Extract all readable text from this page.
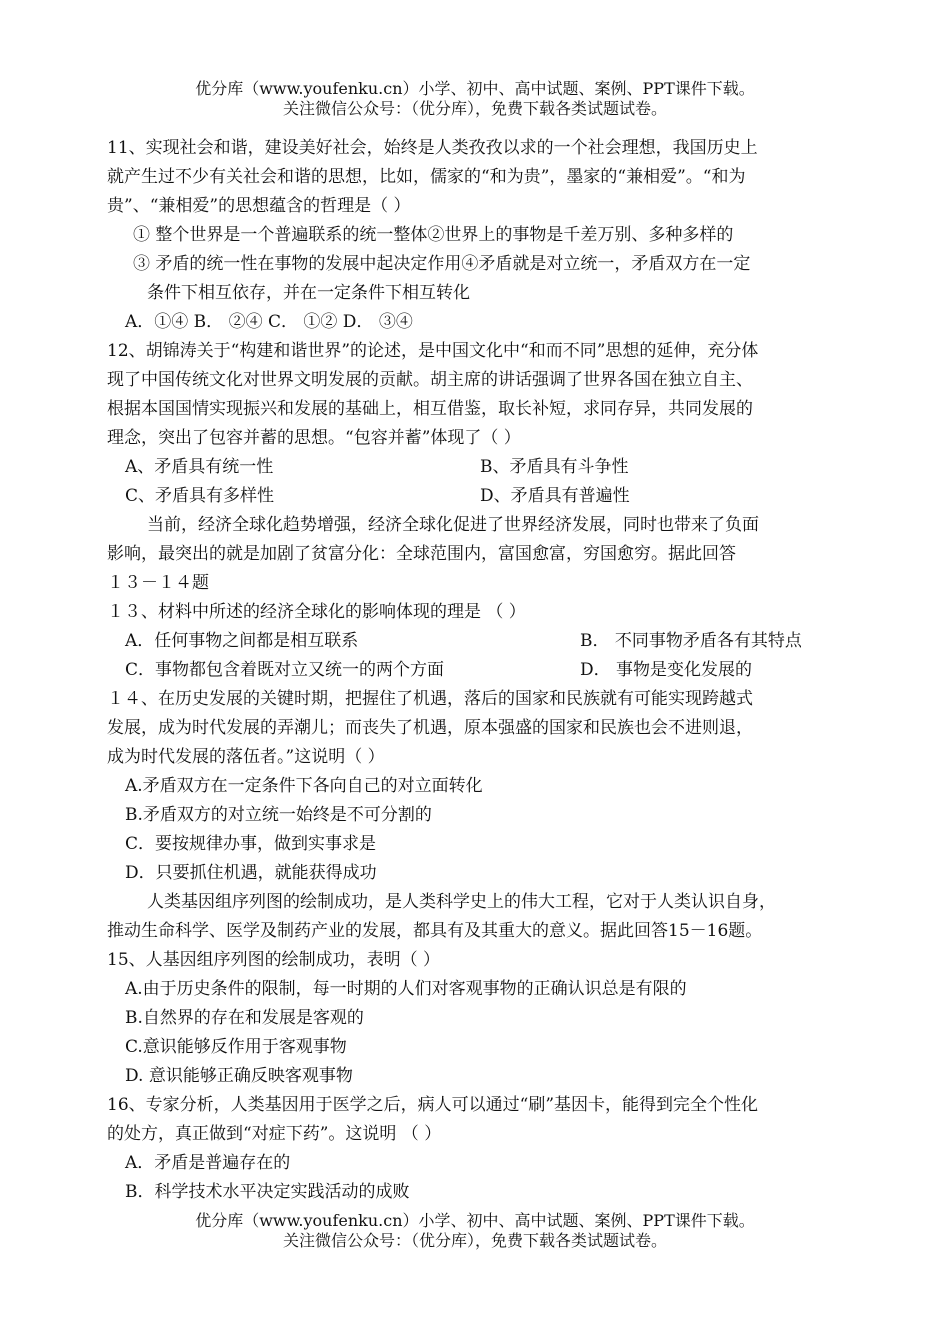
优分库（www.youfenku.cn）小学、初中、高中试题、案例、PPT课件下载。
关注微信公众号：（优分库），免费下载各类试题试卷。
11、实现社会和谐，建设美好社会，始终是人类孜孜以求的一个社会理想，我国历史上
就产生过不少有关社会和谐的思想，比如，儒家的“和为贵”，墨家的“兼相爱”。“和为
贵”、“兼相爱”的思想蕴含的哲理是（ ）
① 整个世界是一个普遍联系的统一整体②世界上的事物是千差万别、多种多样的
③ 矛盾的统一性在事物的发展中起决定作用④矛盾就是对立统一，矛盾双方在一定
条件下相互依存，并在一定条件下相互转化
A．①④ B． ②④ C． ①② D． ③④
12、胡锦涛关于“构建和谐世界”的论述，是中国文化中“和而不同”思想的延伸，充分体
现了中国传统文化对世界文明发展的贡献。胡主席的讲话强调了世界各国在独立自主、
根据本国国情实现振兴和发展的基础上，相互借鉴，取长补短，求同存异，共同发展的
理念，突出了包容并蓄的思想。“包容并蓄”体现了（ ）
A、矛盾具有统一性	B、矛盾具有斗争性
C、矛盾具有多样性	D、矛盾具有普遍性
当前，经济全球化趋势增强，经济全球化促进了世界经济发展，同时也带来了负面
影响，最突出的就是加剧了贫富分化：全球范围内，富国愈富，穷国愈穷。据此回答
１３－１４题
１３、材料中所述的经济全球化的影响体现的理是 （ ）
A．任何事物之间都是相互联系	B． 不同事物矛盾各有其特点
C．事物都包含着既对立又统一的两个方面	D． 事物是变化发展的
１４、在历史发展的关键时期，把握住了机遇，落后的国家和民族就有可能实现跨越式
发展，成为时代发展的弄潮儿；而丧失了机遇，原本强盛的国家和民族也会不进则退，
成为时代发展的落伍者。”这说明（ ）
A.矛盾双方在一定条件下各向自己的对立面转化
B.矛盾双方的对立统一始终是不可分割的
C．要按规律办事，做到实事求是
D．只要抓住机遇，就能获得成功
人类基因组序列图的绘制成功，是人类科学史上的伟大工程，它对于人类认识自身，
推动生命科学、医学及制药产业的发展，都具有及其重大的意义。据此回答15－16题。
15、人基因组序列图的绘制成功，表明（ ）
A.由于历史条件的限制，每一时期的人们对客观事物的正确认识总是有限的
B.自然界的存在和发展是客观的
C.意识能够反作用于客观事物
D. 意识能够正确反映客观事物
16、专家分析，人类基因用于医学之后，病人可以通过“刷”基因卡，能得到完全个性化
的处方，真正做到“对症下药”。这说明 （ ）
A．矛盾是普遍存在的
B．科学技术水平决定实践活动的成败
优分库（www.youfenku.cn）小学、初中、高中试题、案例、PPT课件下载。
关注微信公众号：（优分库），免费下载各类试题试卷。
